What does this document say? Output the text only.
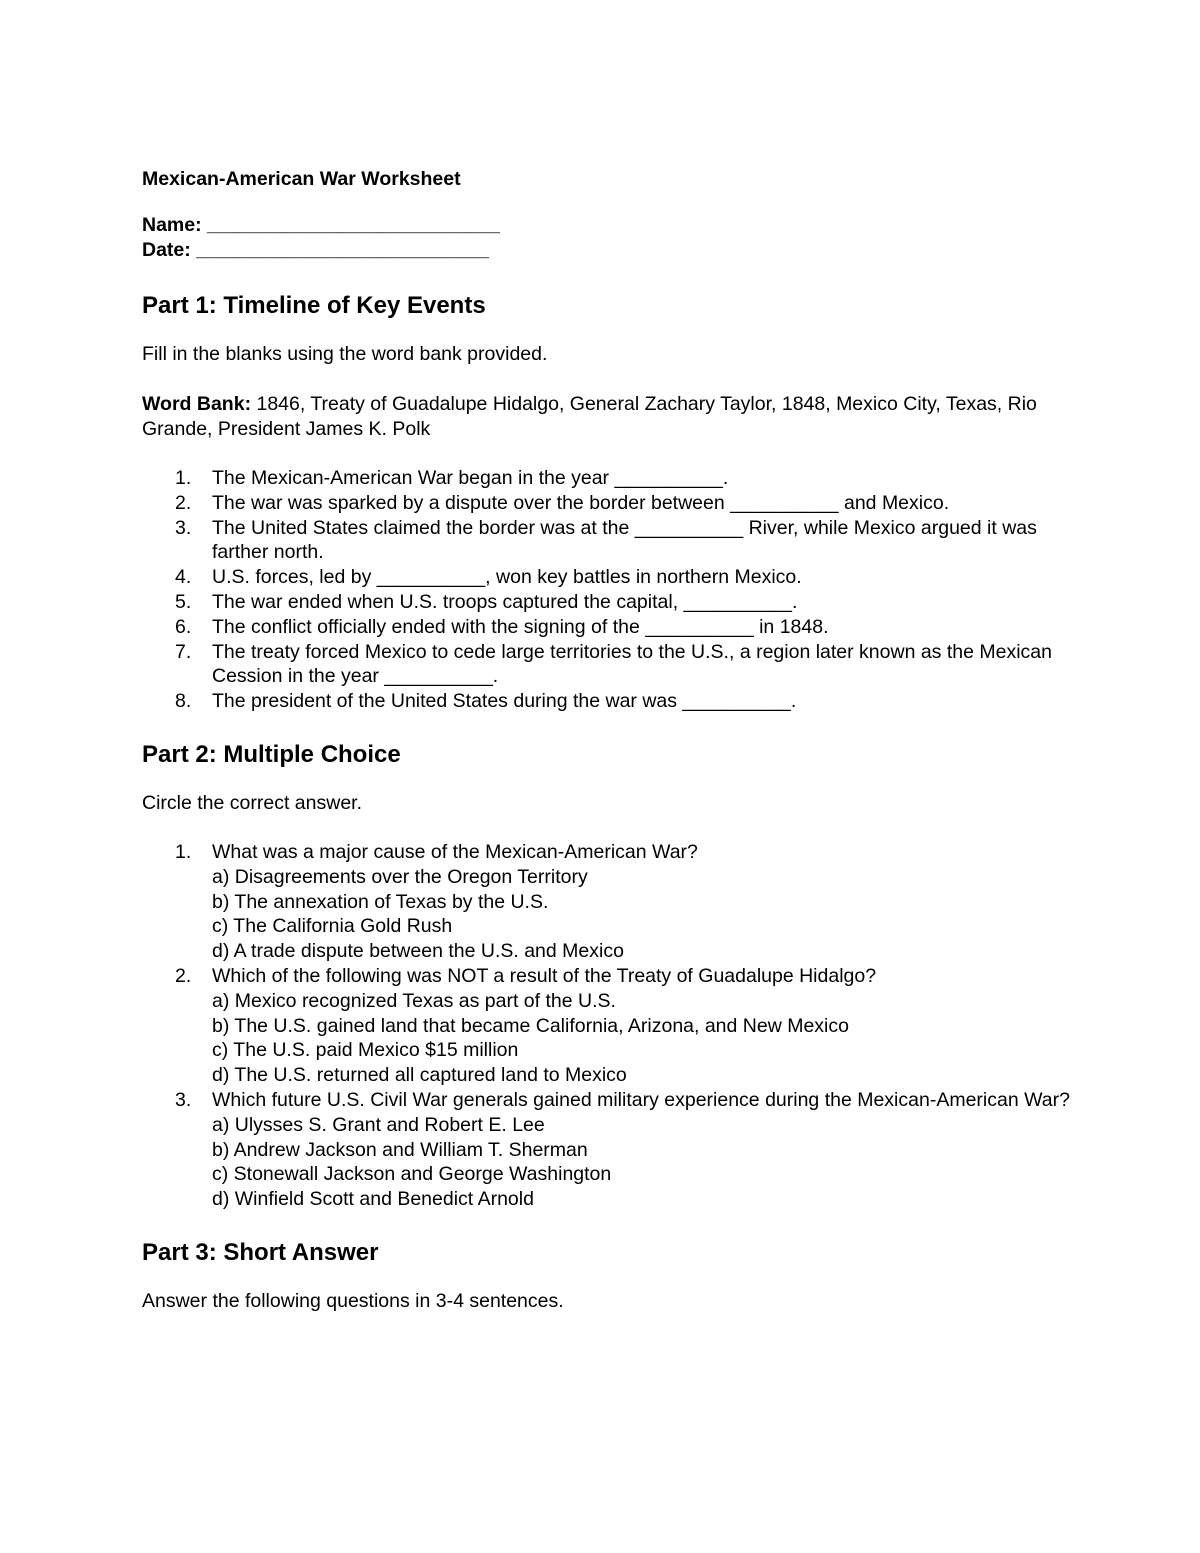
Mexican-American War Worksheet

Name: ___________________________

Date: ___________________________

Part 1: Timeline of Key Events

Fill in the blanks using the word bank provided.

Word Bank: 1846, Treaty of Guadalupe Hidalgo, General Zachary Taylor, 1848, Mexico City, Texas, Rio Grande, President James K. Polk

1. The Mexican-American War began in the year __________.
2. The war was sparked by a dispute over the border between __________ and Mexico.
3. The United States claimed the border was at the __________ River, while Mexico argued it was farther north.
4. U.S. forces, led by __________, won key battles in northern Mexico.
5. The war ended when U.S. troops captured the capital, __________.
6. The conflict officially ended with the signing of the __________ in 1848.
7. The treaty forced Mexico to cede large territories to the U.S., a region later known as the Mexican Cession in the year __________.
8. The president of the United States during the war was __________.
Part 2: Multiple Choice

Circle the correct answer.

1. What was a major cause of the Mexican-American War?
a) Disagreements over the Oregon Territory
b) The annexation of Texas by the U.S.
c) The California Gold Rush
d) A trade dispute between the U.S. and Mexico
2. Which of the following was NOT a result of the Treaty of Guadalupe Hidalgo?
a) Mexico recognized Texas as part of the U.S.
b) The U.S. gained land that became California, Arizona, and New Mexico
c) The U.S. paid Mexico $15 million
d) The U.S. returned all captured land to Mexico
3. Which future U.S. Civil War generals gained military experience during the Mexican-American War?
a) Ulysses S. Grant and Robert E. Lee
b) Andrew Jackson and William T. Sherman
c) Stonewall Jackson and George Washington
d) Winfield Scott and Benedict Arnold
Part 3: Short Answer

Answer the following questions in 3-4 sentences.
